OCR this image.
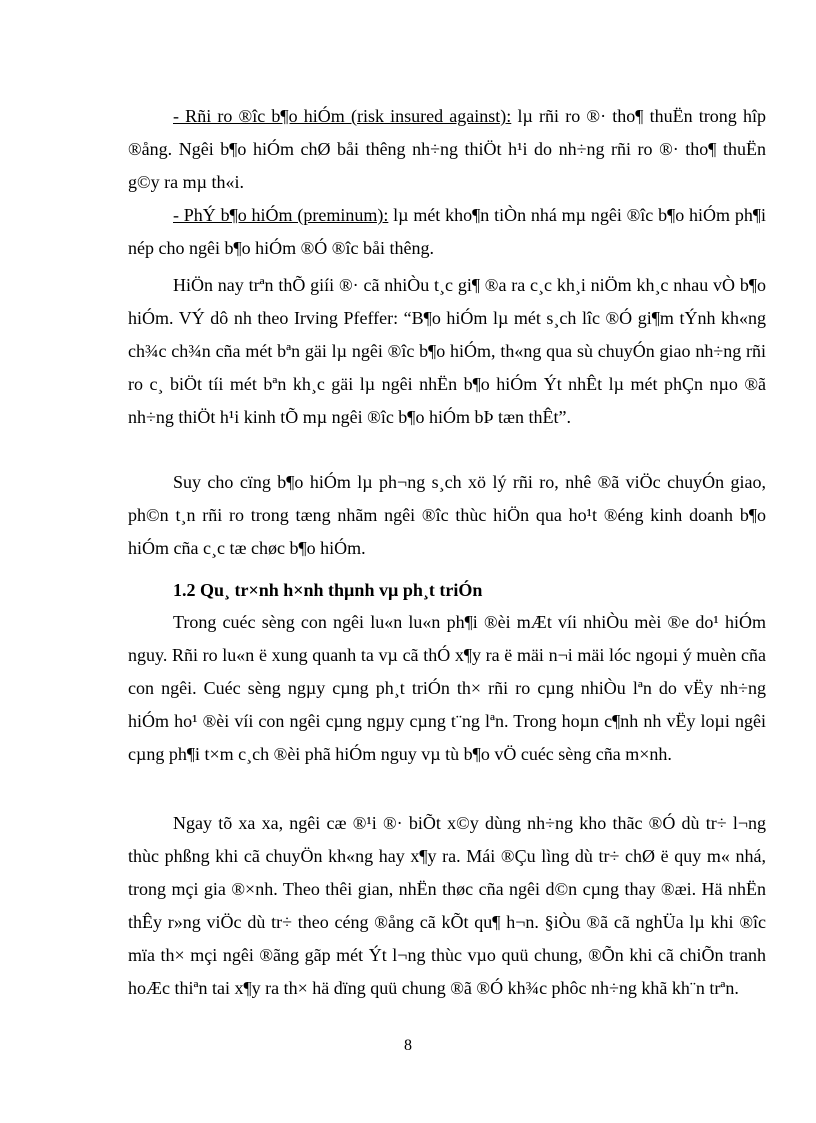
- Rñi ro ®îc b¶o hiÓm (risk insured against): lµ rñi ro ®· tho¶ thuËn trong hîp ®ång. Ngêi b¶o hiÓm chØ båi thêng nh÷ng thiÖt h¹i do nh÷ng rñi ro ®· tho¶ thuËn g©y ra mµ th«i.

- PhÝ b¶o hiÓm (preminum): lµ mét kho¶n tiÒn nhá mµ ngêi ®îc b¶o hiÓm ph¶i nép cho ngêi b¶o hiÓm ®Ó ®îc båi thêng.

HiÖn nay trªn thÕ giíi ®· cã nhiÒu t¸c gi¶ ®a ra c¸c kh¸i niÖm kh¸c nhau vÒ b¶o hiÓm. VÝ dô nh theo Irving Pfeffer: “B¶o hiÓm lµ mét s¸ch lîc ®Ó gi¶m tÝnh kh«ng ch¾c ch¾n cña mét bªn gäi lµ ngêi ®îc b¶o hiÓm, th«ng qua sù chuyÓn giao nh÷ng rñi ro c¸ biÖt tíi mét bªn kh¸c gäi lµ ngêi nhËn b¶o hiÓm Ýt nhÊt lµ mét phÇn nµo ®ã nh÷ng thiÖt h¹i kinh tÕ mµ ngêi ®îc b¶o hiÓm bÞ tæn thÊt”.

Suy cho cïng b¶o hiÓm lµ ph¬ng s¸ch xö lý rñi ro, nhê ®ã viÖc chuyÓn giao, ph©n t¸n rñi ro trong tæng nhãm ngêi ®îc thùc hiÖn qua ho¹t ®éng kinh doanh b¶o hiÓm cña c¸c tæ chøc b¶o hiÓm.

1.2 Qu¸ tr×nh h×nh thµnh vµ ph¸t triÓn

Trong cuéc sèng con ngêi lu«n lu«n ph¶i ®èi mÆt víi nhiÒu mèi ®e do¹ hiÓm nguy. Rñi ro lu«n ë xung quanh ta vµ cã thÓ x¶y ra ë mäi n¬i mäi lóc ngoµi ý muèn cña con ngêi. Cuéc sèng ngµy cµng ph¸t triÓn th× rñi ro cµng nhiÒu lªn do vËy nh÷ng hiÓm ho¹ ®èi víi con ngêi cµng ngµy cµng t¨ng lªn. Trong hoµn c¶nh nh vËy loµi ngêi cµng ph¶i t×m c¸ch ®èi phã hiÓm nguy vµ tù b¶o vÖ cuéc sèng cña m×nh.

Ngay tõ xa xa, ngêi cæ ®¹i ®· biÕt x©y dùng nh÷ng kho thãc ®Ó dù tr÷ l¬ng thùc phßng khi cã chuyÖn kh«ng hay x¶y ra. Mái ®Çu lìng dù tr÷ chØ ë quy m« nhá, trong mçi gia ®×nh. Theo thêi gian, nhËn thøc cña ngêi d©n cµng thay ®æi. Hä nhËn thÊy r»ng viÖc dù tr÷ theo céng ®ång cã kÕt qu¶ h¬n. §iÒu ®ã cã nghÜa lµ khi ®îc mïa th× mçi ngêi ®ãng gãp mét Ýt l¬ng thùc vµo quü chung, ®Õn khi cã chiÕn tranh hoÆc thiªn tai x¶y ra th× hä dïng quü chung ®ã ®Ó kh¾c phôc nh÷ng khã kh¨n trªn.

8
